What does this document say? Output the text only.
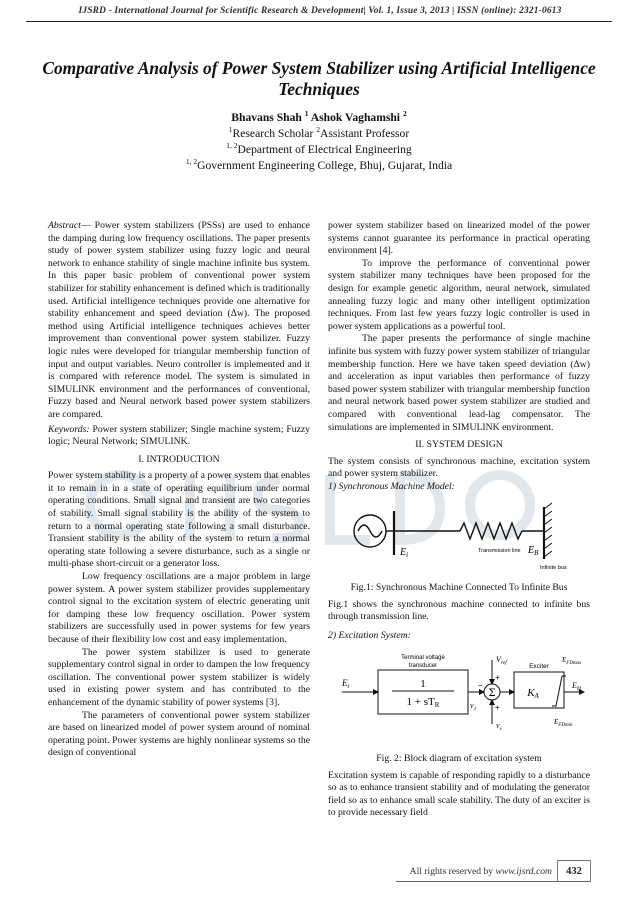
IJSRD - International Journal for Scientific Research & Development| Vol. 1, Issue 3, 2013 | ISSN (online): 2321-0613
Comparative Analysis of Power System Stabilizer using Artificial Intelligence Techniques
Bhavans Shah $^1$ Ashok Vaghamshi $^2$
$^1$Research Scholar $^2$Assistant Professor
$^{1, 2}$Department of Electrical Engineering
$^{1, 2}$Government Engineering College, Bhuj, Gujarat, India

Abstract— Power system stabilizers (PSSs) are used to enhance the damping during low frequency oscillations. The paper presents study of power system stabilizer using fuzzy logic and neural network to enhance stability of single machine infinite bus system. In this paper basic problem of conventional power system stabilizer for stability enhancement is defined which is traditionally used. Artificial intelligence techniques provide one alternative for stability enhancement and speed deviation (Δw). The proposed method using Artificial intelligence techniques achieves better improvement than conventional power system stabilizer. Fuzzy logic rules were developed for triangular membership function of input and output variables. Neuro controller is implemented and it is compared with reference model. The system is simulated in SIMULINK environment and the performances of conventional, Fuzzy based and Neural network based power system stabilizers are compared.

Keywords: Power system stabilizer; Single machine system; Fuzzy logic; Neural Network; SIMULINK.

I. INTRODUCTION

Power system stability is a property of a power system that enables it to remain in in a state of operating equilibrium under normal operating conditions. Small signal and transient are two categories of stability. Small signal stability is the ability of the system to return to a normal operating state following a small disturbance. Transient stability is the ability of the system to return a normal operating state following a severe disturbance, such as a single or multi-phase short-circuit or a generator loss.

Low frequency oscillations are a major problem in large power system. A power system stabilizer provides supplementary control signal to the excitation system of electric generating unit for damping these low frequency oscillation. Power system stabilizers are successfully used in power systems for few years because of their flexibility low cost and easy implementation.

The power system stabilizer is used to generate supplementary control signal in order to dampen the low frequency oscillation. The conventional power system stabilizer is widely used in existing power system and has contributed to the enhancement of the dynamic stability of power systems [3].

The parameters of conventional power system stabilizer are based on linearized model of power system around of nominal operating point. Power systems are highly nonlinear systems so the design of conventional

power system stabilizer based on linearized model of the power systems cannot guarantee its performance in practical operating environment [4].

To improve the performance of conventional power system stabilizer many techniques have been proposed for the design for example genetic algorithm, neural network, simulated annealing fuzzy logic and many other intelligent optimization techniques. From last few years fuzzy logic controller is used in power system applications as a powerful tool.

The paper presents the performance of single machine infinite bus system with fuzzy power system stabilizer of triangular membership function. Here we have taken speed deviation (Δw) and acceleration as input variables then performance of fuzzy based power system stabilizer with triangular membership function and neural network based power system stabilizer are studied and compared with conventional lead-lag compensator. The simulations are implemented in SIMULINK environment.

II. SYSTEM DESIGN

The system consists of synchronous machine, excitation system and power system stabilizer.

1) Synchronous Machine Model:

$E_i$	$E_B$
Transmission line
Infinite bus
Fig.1: Synchronous Machine Connected To Infinite Bus

Fig.1 shows the synchronous machine connected to infinite bus through transmission line.

2) Excitation System:

Terminal voltage
transducer
1
1 + sTR
$E_t$
$v_1$
−
Σ
$V_{ref}$
+
$v_s$
+
Exciter
KA
$E_{fd}$
$E_{FDmax}$
$E_{FDmin}$
Fig. 2: Block diagram of excitation system

Excitation system is capable of responding rapidly to a disturbance so as to enhance transient stability and of modulating the generator field so as to enhance small scale stability. The duty of an exciter is to provide necessary field

All rights reserved by www.ijsrd.com	432
